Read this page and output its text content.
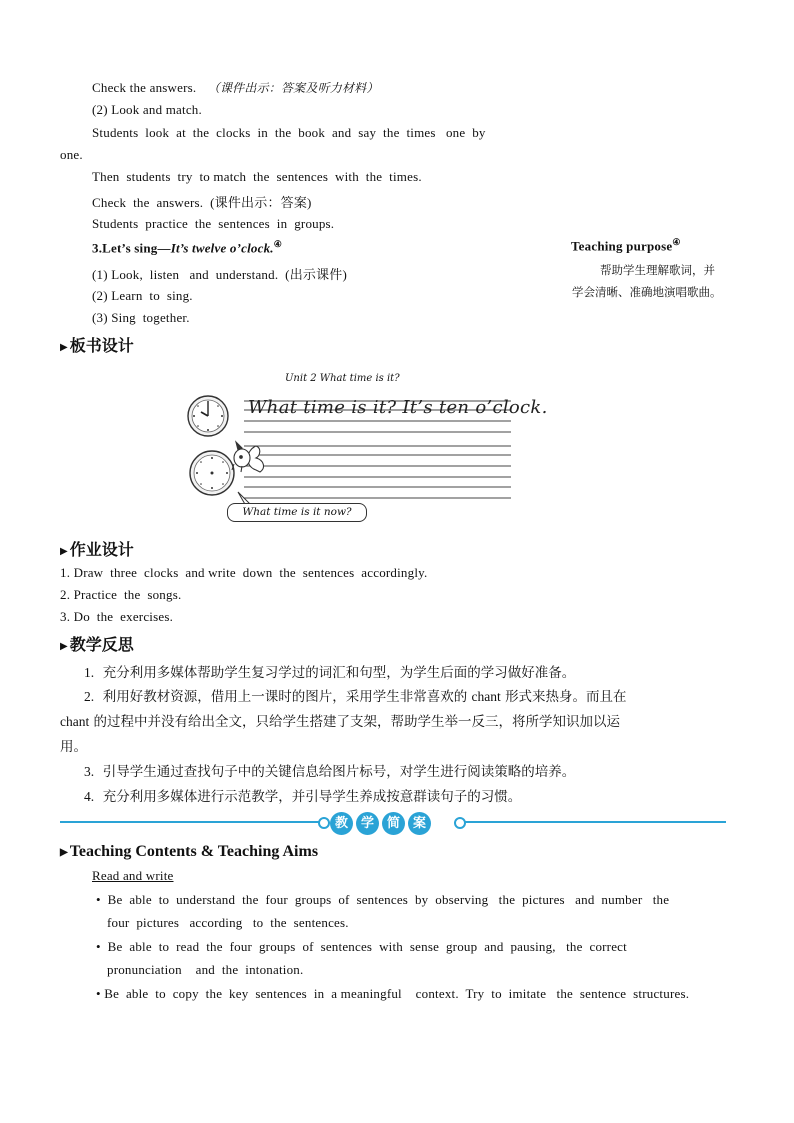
Check the answers. （课件出示：答案及听力材料）
(2) Look and match.
Students  look  at  the  clocks  in  the  book  and  say  the  times   one  by
one.
Then  students  try  to match  the  sentences  with  the  times.
Check  the  answers.  (课件出示：答案)
Students  practice  the  sentences  in  groups.
3.Let’s sing—It’s twelve o’clock.④
(1) Look,  listen   and  understand.  (出示课件)
(2) Learn  to  sing.
(3) Sing  together.
Teaching purpose④
帮助学生理解歌词，并
学会清晰、准确地演唱歌曲。
▶ 板书设计
Unit 2 What time is it?
What time is it? It’s ten o’clock.
What time is it now?
▶ 作业设计
1. Draw  three  clocks  and write  down  the  sentences  accordingly.
2. Practice  the  songs.
3. Do  the  exercises.
▶ 教学反思
1. 充分利用多媒体帮助学生复习学过的词汇和句型，为学生后面的学习做好准备。
2. 利用好教材资源，借用上一课时的图片，采用学生非常喜欢的 chant 形式来热身。而且在
chant 的过程中并没有给出全文，只给学生搭建了支架，帮助学生举一反三，将所学知识加以运
用。
3. 引导学生通过查找句子中的关键信息给图片标号，对学生进行阅读策略的培养。
4. 充分利用多媒体进行示范教学，并引导学生养成按意群读句子的习惯。
教 学 简 案
▶ Teaching Contents & Teaching Aims
Read and write
•  Be  able  to  understand  the  four  groups  of  sentences  by  observing   the  pictures   and  number   the
four  pictures   according   to  the  sentences.
•  Be  able  to  read  the  four  groups  of  sentences  with  sense  group  and  pausing,   the  correct
pronunciation    and  the  intonation.
• Be  able  to  copy  the  key  sentences  in  a meaningful    context.  Try  to  imitate   the  sentence  structures.
